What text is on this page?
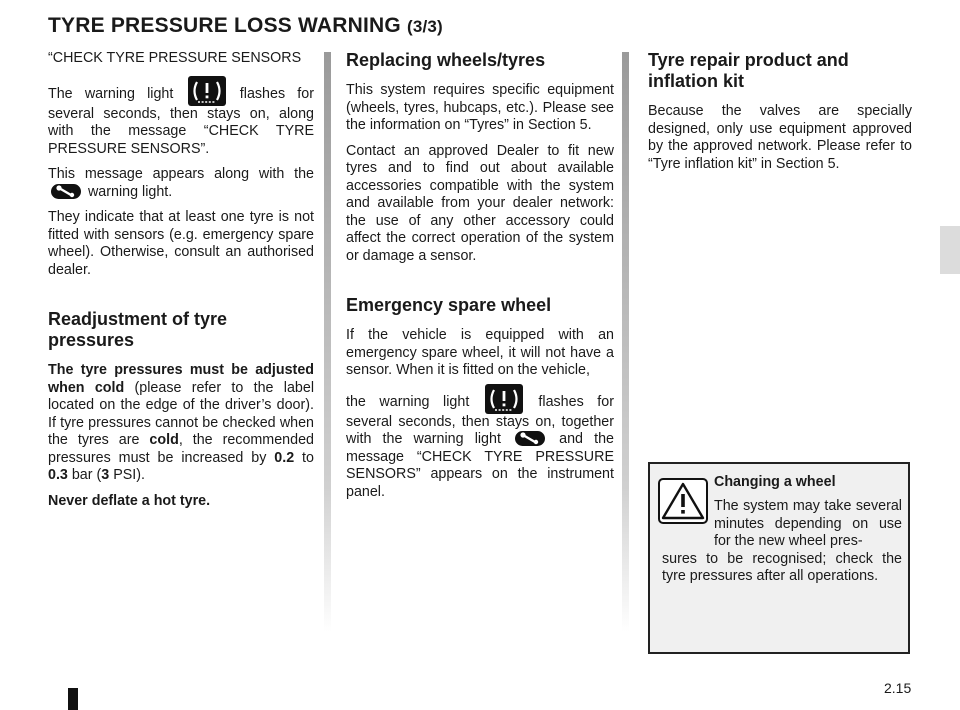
TYRE PRESSURE LOSS WARNING (3/3)

“CHECK TYRE PRESSURE SENSORS

The warning light	flashes for several seconds, then stays on, along with the message “CHECK TYRE PRESSURE SENSORS”.

This message appears along with the
warning light.

They indicate that at least one tyre is not fitted with sensors (e.g. emergency spare wheel). Otherwise, consult an authorised dealer.

Readjustment of tyre pressures

The tyre pressures must be adjusted when cold (please refer to the label located on the edge of the driver’s door). If tyre pressures cannot be checked when the tyres are cold, the recommended pressures must be increased by 0.2 to 0.3 bar (3 PSI).

Never deflate a hot tyre.

Replacing wheels/tyres

This system requires specific equipment (wheels, tyres, hubcaps, etc.). Please see the information on “Tyres” in Section 5.

Contact an approved Dealer to fit new tyres and to find out about available accessories compatible with the system and available from your dealer network: the use of any other accessory could affect the correct operation of the system or damage a sensor.

Emergency spare wheel

If the vehicle is equipped with an emergency spare wheel, it will not have a sensor. When it is fitted on the vehicle,

the warning light	flashes for several seconds, then stays on, together with the warning light	and the message “CHECK TYRE PRESSURE SENSORS” appears on the instrument panel.

Tyre repair product and inflation kit

Because the valves are specially designed, only use equipment approved by the approved network. Please refer to “Tyre inflation kit” in Section 5.

Changing a wheel
The system may take several minutes depending on use for the new wheel pres-
sures to be recognised; check the tyre pressures after all operations.
2.15
